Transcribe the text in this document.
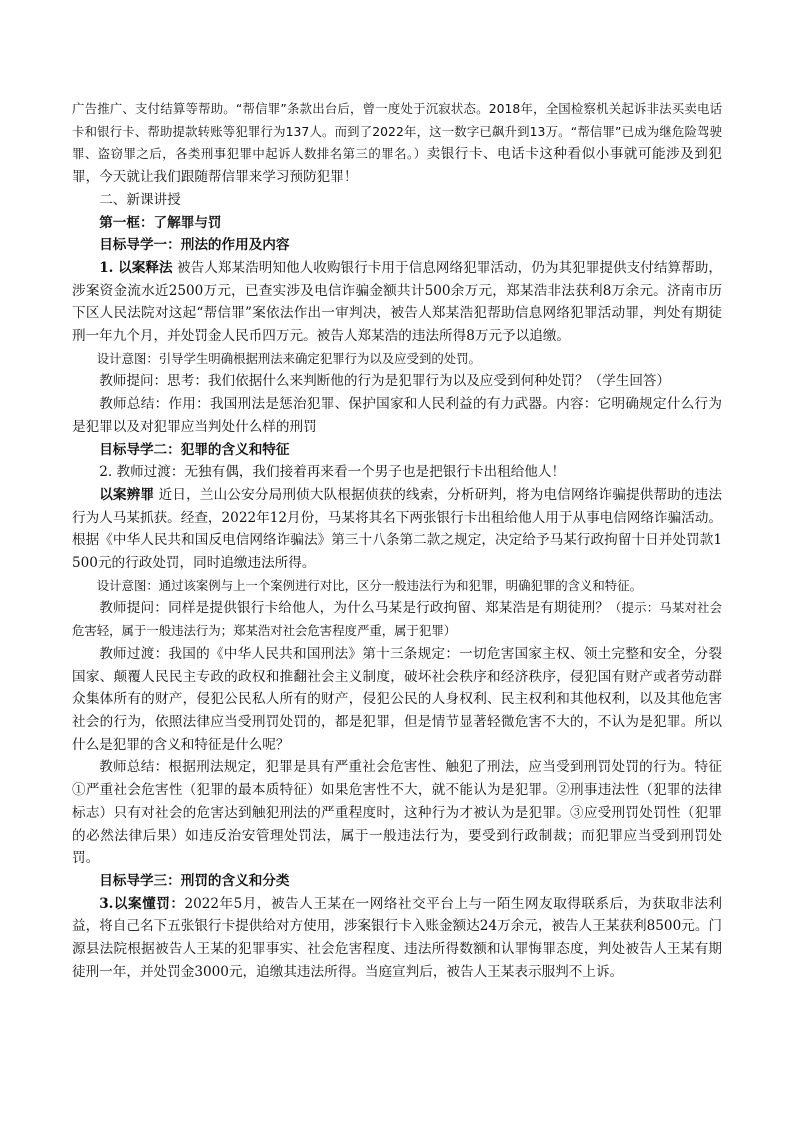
广告推广、支付结算等帮助。“帮信罪”条款出台后，曾一度处于沉寂状态。2018年，全国检察机关起诉非法买卖电话卡和银行卡、帮助提款转账等犯罪行为137人。而到了2022年，这一数字已飙升到13万。“帮信罪”已成为继危险驾驶罪、盗窃罪之后，各类刑事犯罪中起诉人数排名第三的罪名。）卖银行卡、电话卡这种看似小事就可能涉及到犯罪，今天就让我们跟随帮信罪来学习预防犯罪！

二、新课讲授

第一框：了解罪与罚

目标导学一：刑法的作用及内容

1. 以案释法 被告人郑某浩明知他人收购银行卡用于信息网络犯罪活动，仍为其犯罪提供支付结算帮助，涉案资金流水近2500万元，已查实涉及电信诈骗金额共计500余万元，郑某浩非法获利8万余元。济南市历下区人民法院对这起“帮信罪”案依法作出一审判决，被告人郑某浩犯帮助信息网络犯罪活动罪，判处有期徒刑一年九个月，并处罚金人民币四万元。被告人郑某浩的违法所得8万元予以追缴。

设计意图：引导学生明确根据刑法来确定犯罪行为以及应受到的处罚。

教师提问：思考：我们依据什么来判断他的行为是犯罪行为以及应受到何种处罚？（学生回答）

教师总结：作用：我国刑法是惩治犯罪、保护国家和人民利益的有力武器。内容：它明确规定什么行为是犯罪以及对犯罪应当判处什么样的刑罚

目标导学二：犯罪的含义和特征

2. 教师过渡：无独有偶，我们接着再来看一个男子也是把银行卡出租给他人！

以案辨罪 近日，兰山公安分局刑侦大队根据侦获的线索，分析研判，将为电信网络诈骗提供帮助的违法行为人马某抓获。经查，2022年12月份，马某将其名下两张银行卡出租给他人用于从事电信网络诈骗活动。根据《中华人民共和国反电信网络诈骗法》第三十八条第二款之规定，决定给予马某行政拘留十日并处罚款1500元的行政处罚，同时追缴违法所得。

设计意图：通过该案例与上一个案例进行对比，区分一般违法行为和犯罪，明确犯罪的含义和特征。

教师提问：同样是提供银行卡给他人，为什么马某是行政拘留、郑某浩是有期徒刑？（提示：马某对社会危害轻，属于一般违法行为；郑某浩对社会危害程度严重，属于犯罪）

教师过渡：我国的《中华人民共和国刑法》第十三条规定：一切危害国家主权、领土完整和安全，分裂国家、颠覆人民民主专政的政权和推翻社会主义制度，破坏社会秩序和经济秩序，侵犯国有财产或者劳动群众集体所有的财产，侵犯公民私人所有的财产，侵犯公民的人身权利、民主权利和其他权利，以及其他危害社会的行为，依照法律应当受刑罚处罚的，都是犯罪，但是情节显著轻微危害不大的，不认为是犯罪。所以什么是犯罪的含义和特征是什么呢？

教师总结：根据刑法规定，犯罪是具有严重社会危害性、触犯了刑法，应当受到刑罚处罚的行为。特征 ①严重社会危害性（犯罪的最本质特征）如果危害性不大，就不能认为是犯罪。②刑事违法性（犯罪的法律标志）只有对社会的危害达到触犯刑法的严重程度时，这种行为才被认为是犯罪。③应受刑罚处罚性（犯罪的必然法律后果）如违反治安管理处罚法，属于一般违法行为，要受到行政制裁；而犯罪应当受到刑罚处罚。

目标导学三：刑罚的含义和分类

3.以案懂罚：2022年5月，被告人王某在一网络社交平台上与一陌生网友取得联系后，为获取非法利益，将自己名下五张银行卡提供给对方使用，涉案银行卡入账金额达24万余元，被告人王某获利8500元。门源县法院根据被告人王某的犯罪事实、社会危害程度、违法所得数额和认罪悔罪态度，判处被告人王某有期徒刑一年，并处罚金3000元，追缴其违法所得。当庭宣判后，被告人王某表示服判不上诉。
